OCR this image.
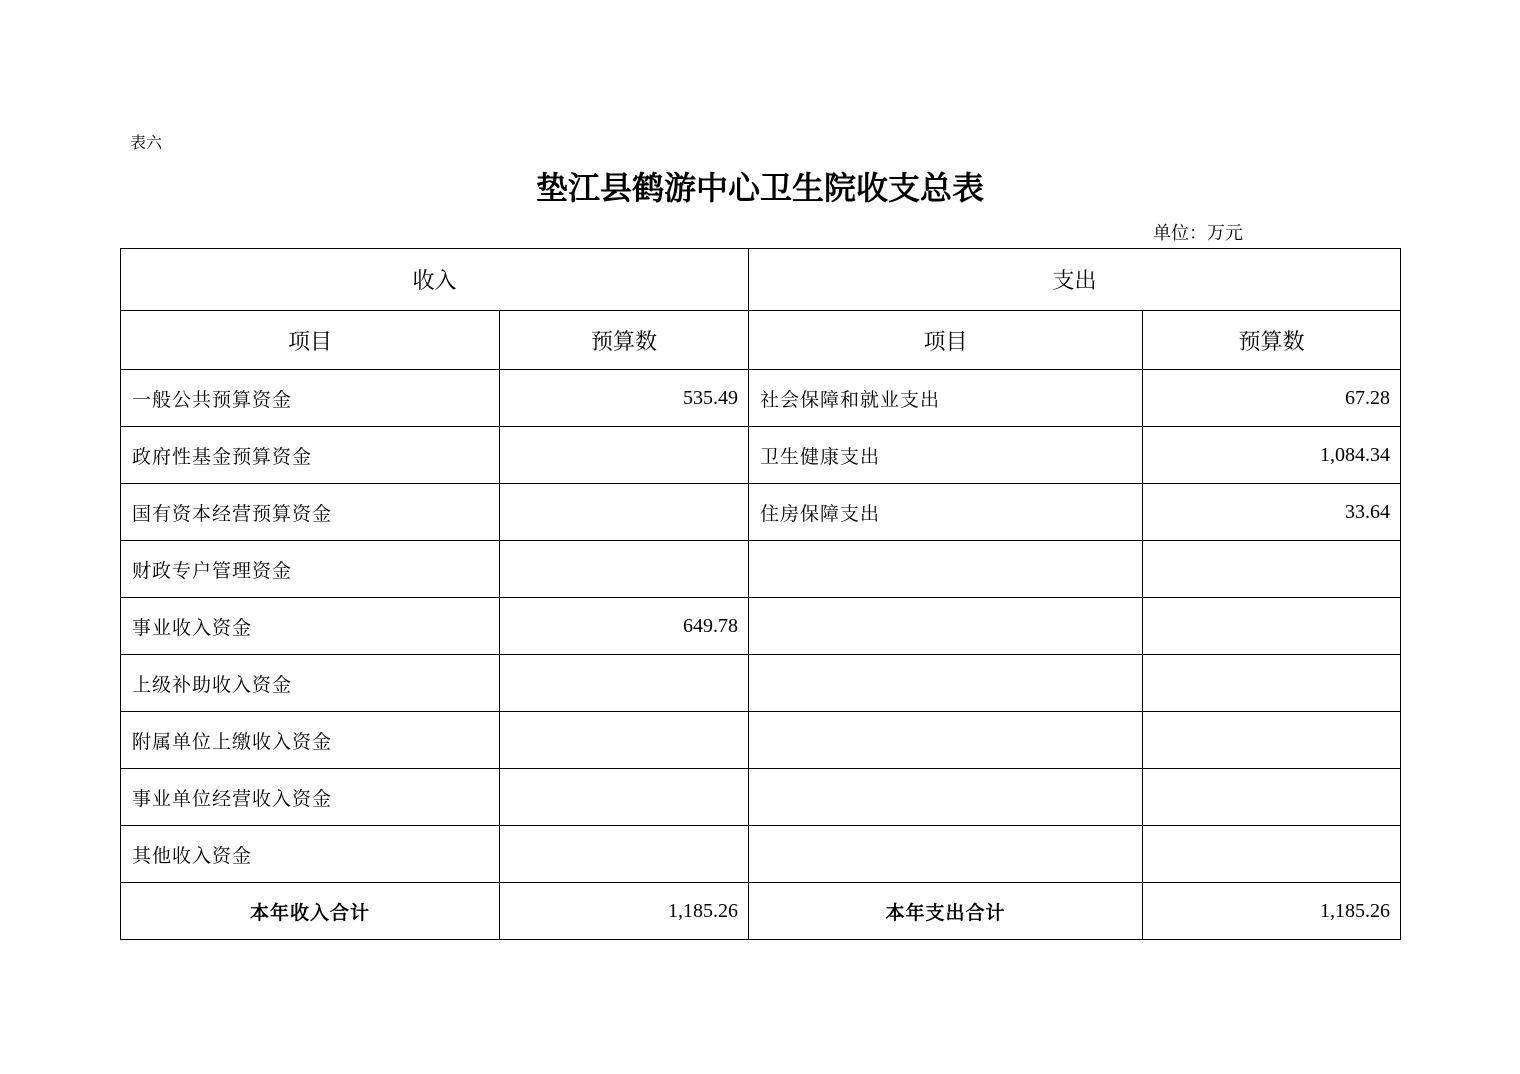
表六
垫江县鹤游中心卫生院收支总表
单位：万元
收入		支出	
项目	预算数	项目	预算数
一般公共预算资金	535.49	社会保障和就业支出	67.28
政府性基金预算资金		卫生健康支出	1,084.34
国有资本经营预算资金		住房保障支出	33.64
财政专户管理资金			
事业收入资金	649.78		
上级补助收入资金			
附属单位上缴收入资金			
事业单位经营收入资金			
其他收入资金			
本年收入合计	1,185.26	本年支出合计	1,185.26
